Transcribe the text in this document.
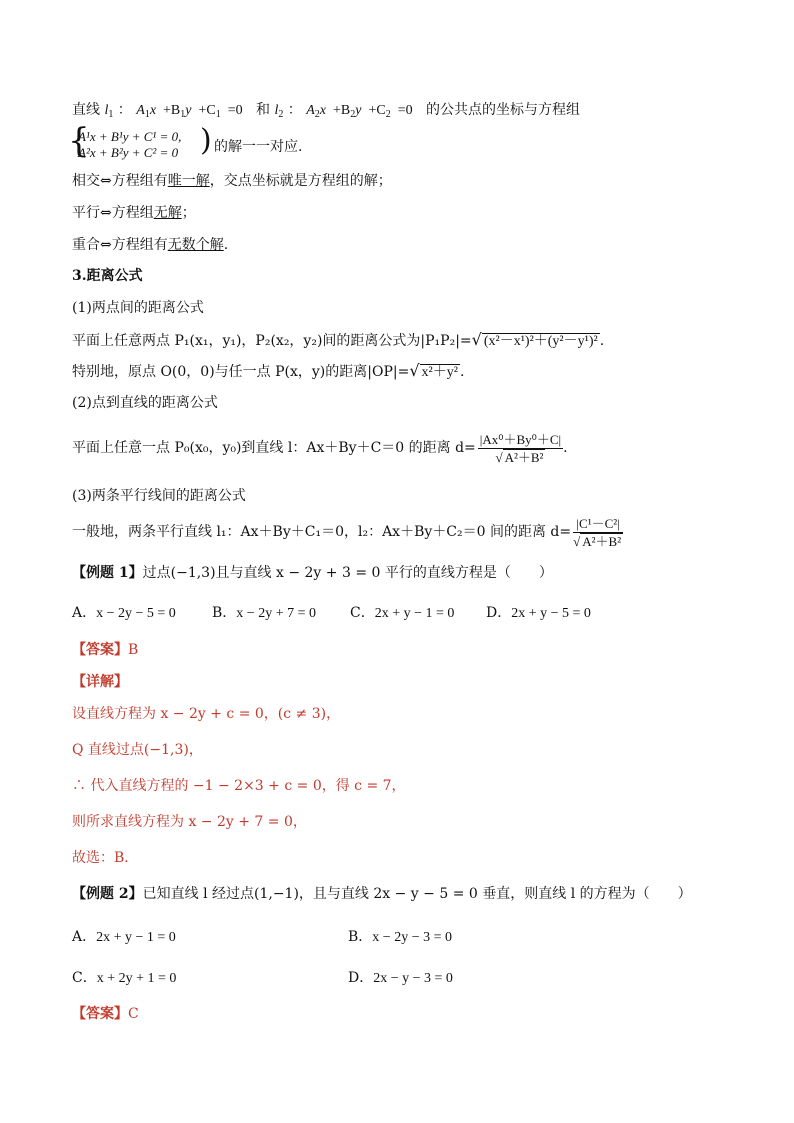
直线 $l_1$ ： $A_1x +B_1y +C_1 =0$ 和 $l_2$ ： $A_2x +B_2y +C_2 =0$ 的公共点的坐标与方程组
{
A¹x + B¹y + C¹ = 0,
A²x + B²y + C² = 0 ) 的解一一对应.
相交⇔方程组有唯一解，交点坐标就是方程组的解；
平行⇔方程组无解；
重合⇔方程组有无数个解.
3.距离公式
(1)两点间的距离公式
平面上任意两点 P₁(x₁，y₁)，P₂(x₂，y₂)间的距离公式为|P₁P₂|=√ (x²－x¹)²＋(y²－y¹)² .
特别地，原点 O(0，0)与任一点 P(x，y)的距离|OP|=√ x²＋y² .
(2)点到直线的距离公式
平面上任意一点 P₀(x₀，y₀)到直线 l：Ax＋By＋C＝0 的距离 $d= \frac{\text{|Ax⁰＋By⁰＋C|}}{\text{√ A²＋B²}}$ .
(3)两条平行线间的距离公式
一般地，两条平行直线 l₁：Ax＋By＋C₁＝0，l₂：Ax＋By＋C₂＝0 间的距离 $d= \frac{\text{|C¹－C²|}}{\text{√ A²＋B²}}$
【例题 1】过点(−1,3)且与直线 x − 2y + 3 = 0 平行的直线方程是（　　）
A．x − 2y − 5 = 0	B．x − 2y + 7 = 0 C．2x + y − 1 = 0 D．2x + y − 5 = 0
【答案】B
【详解】
设直线方程为 x − 2y + c = 0，(c ≠ 3)，
Q 直线过点(−1,3)，
∴ 代入直线方程的 −1 − 2×3 + c = 0，得 c = 7，
则所求直线方程为 x − 2y + 7 = 0，
故选：B．
【例题 2】已知直线 l 经过点(1,−1)，且与直线 2x − y − 5 = 0 垂直，则直线 l 的方程为（　　）
A．2x + y − 1 = 0	B．x − 2y − 3 = 0
C．x + 2y + 1 = 0	D．2x − y − 3 = 0
【答案】C
